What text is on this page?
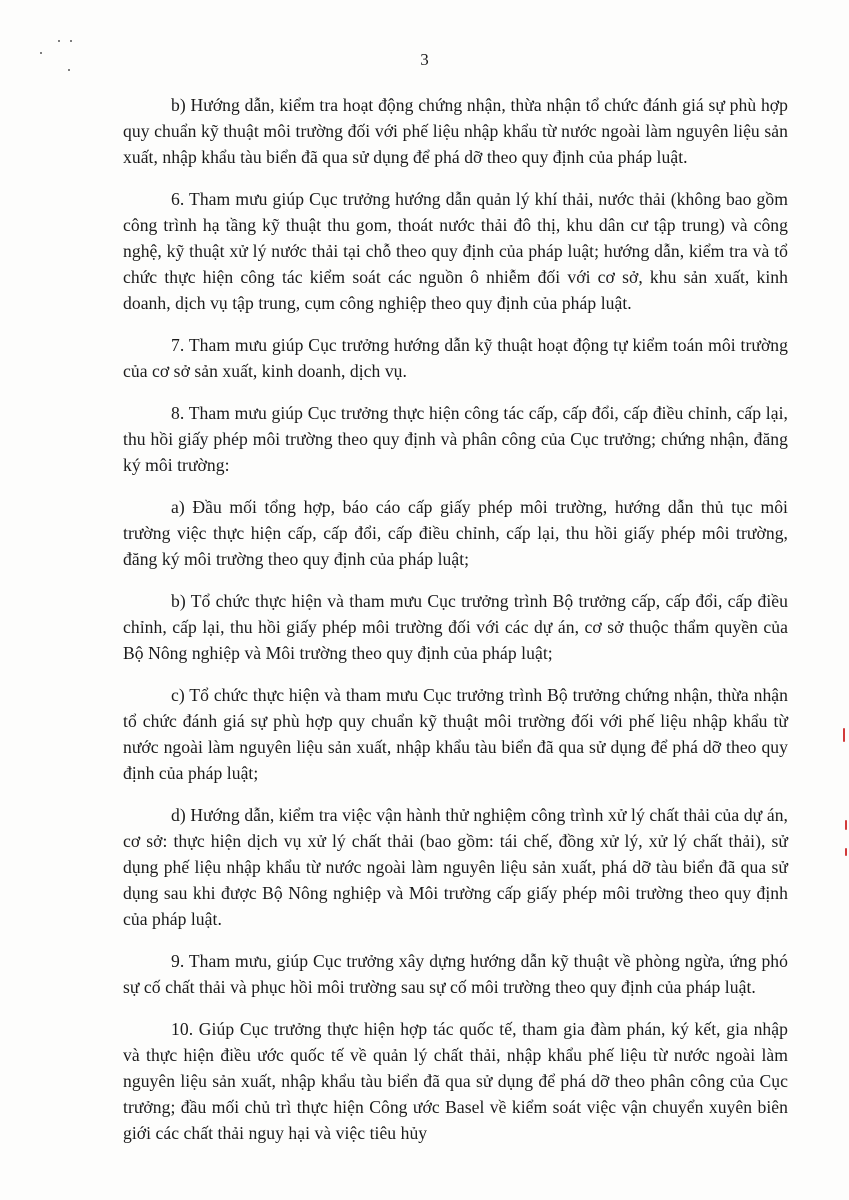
3

b) Hướng dẫn, kiểm tra hoạt động chứng nhận, thừa nhận tổ chức đánh giá sự phù hợp quy chuẩn kỹ thuật môi trường đối với phế liệu nhập khẩu từ nước ngoài làm nguyên liệu sản xuất, nhập khẩu tàu biển đã qua sử dụng để phá dỡ theo quy định của pháp luật.

6. Tham mưu giúp Cục trưởng hướng dẫn quản lý khí thải, nước thải (không bao gồm công trình hạ tầng kỹ thuật thu gom, thoát nước thải đô thị, khu dân cư tập trung) và công nghệ, kỹ thuật xử lý nước thải tại chỗ theo quy định của pháp luật; hướng dẫn, kiểm tra và tổ chức thực hiện công tác kiểm soát các nguồn ô nhiễm đối với cơ sở, khu sản xuất, kinh doanh, dịch vụ tập trung, cụm công nghiệp theo quy định của pháp luật.

7. Tham mưu giúp Cục trưởng hướng dẫn kỹ thuật hoạt động tự kiểm toán môi trường của cơ sở sản xuất, kinh doanh, dịch vụ.

8. Tham mưu giúp Cục trưởng thực hiện công tác cấp, cấp đổi, cấp điều chỉnh, cấp lại, thu hồi giấy phép môi trường theo quy định và phân công của Cục trưởng; chứng nhận, đăng ký môi trường:

a) Đầu mối tổng hợp, báo cáo cấp giấy phép môi trường, hướng dẫn thủ tục môi trường việc thực hiện cấp, cấp đổi, cấp điều chỉnh, cấp lại, thu hồi giấy phép môi trường, đăng ký môi trường theo quy định của pháp luật;

b) Tổ chức thực hiện và tham mưu Cục trưởng trình Bộ trưởng cấp, cấp đổi, cấp điều chỉnh, cấp lại, thu hồi giấy phép môi trường đối với các dự án, cơ sở thuộc thẩm quyền của Bộ Nông nghiệp và Môi trường theo quy định của pháp luật;

c) Tổ chức thực hiện và tham mưu Cục trưởng trình Bộ trưởng chứng nhận, thừa nhận tổ chức đánh giá sự phù hợp quy chuẩn kỹ thuật môi trường đối với phế liệu nhập khẩu từ nước ngoài làm nguyên liệu sản xuất, nhập khẩu tàu biển đã qua sử dụng để phá dỡ theo quy định của pháp luật;

d) Hướng dẫn, kiểm tra việc vận hành thử nghiệm công trình xử lý chất thải của dự án, cơ sở: thực hiện dịch vụ xử lý chất thải (bao gồm: tái chế, đồng xử lý, xử lý chất thải), sử dụng phế liệu nhập khẩu từ nước ngoài làm nguyên liệu sản xuất, phá dỡ tàu biển đã qua sử dụng sau khi được Bộ Nông nghiệp và Môi trường cấp giấy phép môi trường theo quy định của pháp luật.

9. Tham mưu, giúp Cục trưởng xây dựng hướng dẫn kỹ thuật về phòng ngừa, ứng phó sự cố chất thải và phục hồi môi trường sau sự cố môi trường theo quy định của pháp luật.

10. Giúp Cục trưởng thực hiện hợp tác quốc tế, tham gia đàm phán, ký kết, gia nhập và thực hiện điều ước quốc tế về quản lý chất thải, nhập khẩu phế liệu từ nước ngoài làm nguyên liệu sản xuất, nhập khẩu tàu biển đã qua sử dụng để phá dỡ theo phân công của Cục trưởng; đầu mối chủ trì thực hiện Công ước Basel về kiểm soát việc vận chuyển xuyên biên giới các chất thải nguy hại và việc tiêu hủy
